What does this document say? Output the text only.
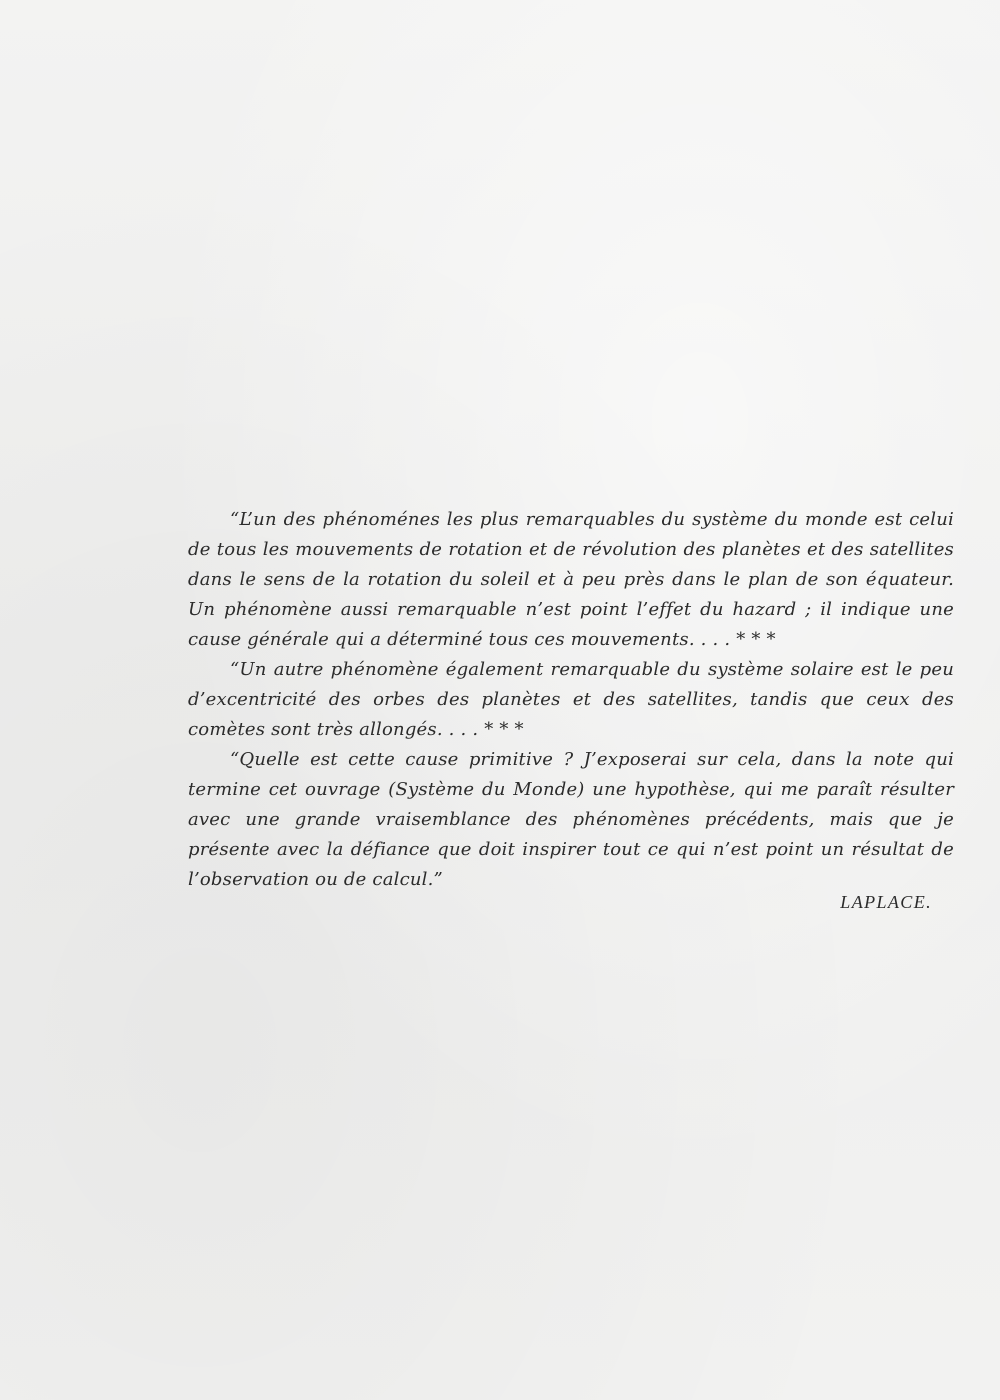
“L’un des phénoménes les plus remarquables du système du monde est celui de tous les mouvements de rotation et de révolution des planètes et des satellites dans le sens de la rotation du soleil et à peu près dans le plan de son équateur. Un phénomène aussi remarquable n’est point l’effet du hazard ; il indique une cause générale qui a déterminé tous ces mouvements. . . . * * *

“Un autre phénomène également remarquable du système solaire est le peu d’excentricité des orbes des planètes et des satellites, tandis que ceux des comètes sont très allongés. . . . * * *

“Quelle est cette cause primitive ? J’exposerai sur cela, dans la note qui termine cet ouvrage (Système du Monde) une hypothèse, qui me paraît résulter avec une grande vraisemblance des phénomènes précédents, mais que je présente avec la défiance que doit inspirer tout ce qui n’est point un résultat de l’observation ou de calcul.”

LAPLACE.
